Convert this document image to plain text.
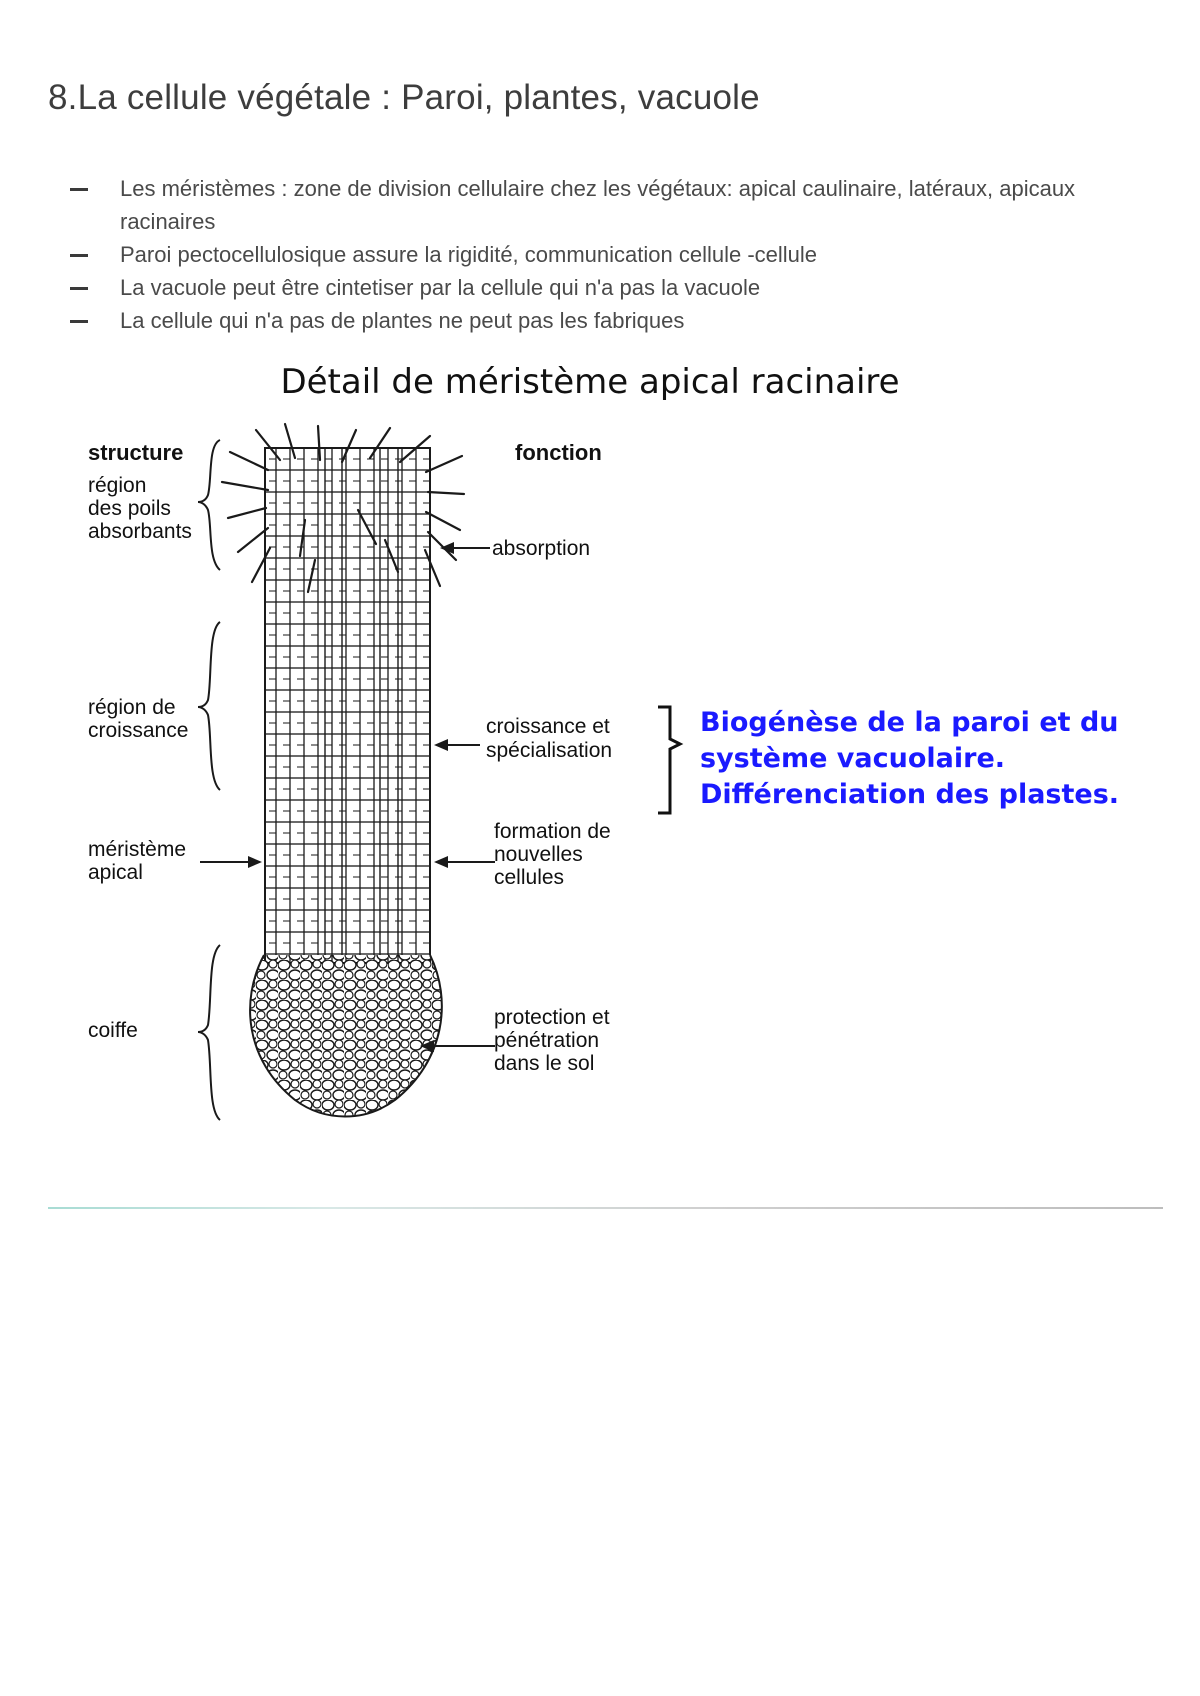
8.La cellule végétale : Paroi, plantes, vacuole
Les méristèmes : zone de division cellulaire chez les végétaux: apical caulinaire, latéraux, apicaux racinaires
Paroi pectocellulosique assure la rigidité, communication cellule -cellule
La vacuole peut être cintetiser par la cellule qui n'a pas la vacuole
La cellule qui n'a pas de plantes ne peut pas les fabriques
Détail de méristème apical racinaire
structure	fonction
région
des poils
absorbants
région de
croissance
méristème
apical
coiffe
absorption
croissance et
spécialisation
formation de
nouvelles
cellules
protection et
pénétration
dans le sol
Biogénèse de la paroi et du
système vacuolaire.
Différenciation des plastes.
